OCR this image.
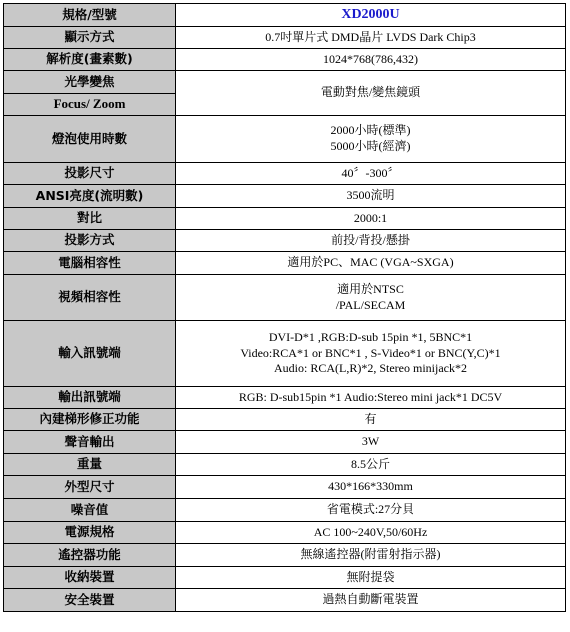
規格/型號	XD2000U
顯示方式	0.7吋單片式 DMD晶片 LVDS Dark Chip3

解析度(畫素數)	1024*768(786,432)

光學變焦	電動對焦/變焦鏡頭

Focus/ Zoom	
燈泡使用時數	2000小時(標準)
5000小時(經濟)

投影尺寸	40〞-300〞

ANSI亮度(流明數)	3500流明

對比	2000:1

投影方式	前投/背投/懸掛

電腦相容性	適用於PC、MAC (VGA~SXGA)

視頻相容性	適用於NTSC
/PAL/SECAM

輸入訊號端	DVI-D*1 ,RGB:D-sub 15pin *1, 5BNC*1
Video:RCA*1 or BNC*1 , S-Video*1 or BNC(Y,C)*1
Audio: RCA(L,R)*2, Stereo minijack*2

輸出訊號端	RGB: D-sub15pin *1 Audio:Stereo mini jack*1 DC5V

內建梯形修正功能	有

聲音輸出	3W

重量	8.5公斤

外型尺寸	430*166*330mm

噪音值	省電模式:27分貝

電源規格	AC 100~240V,50/60Hz

遙控器功能	無線遙控器(附雷射指示器)

收納裝置	無附提袋

安全裝置	過熱自動斷電裝置
